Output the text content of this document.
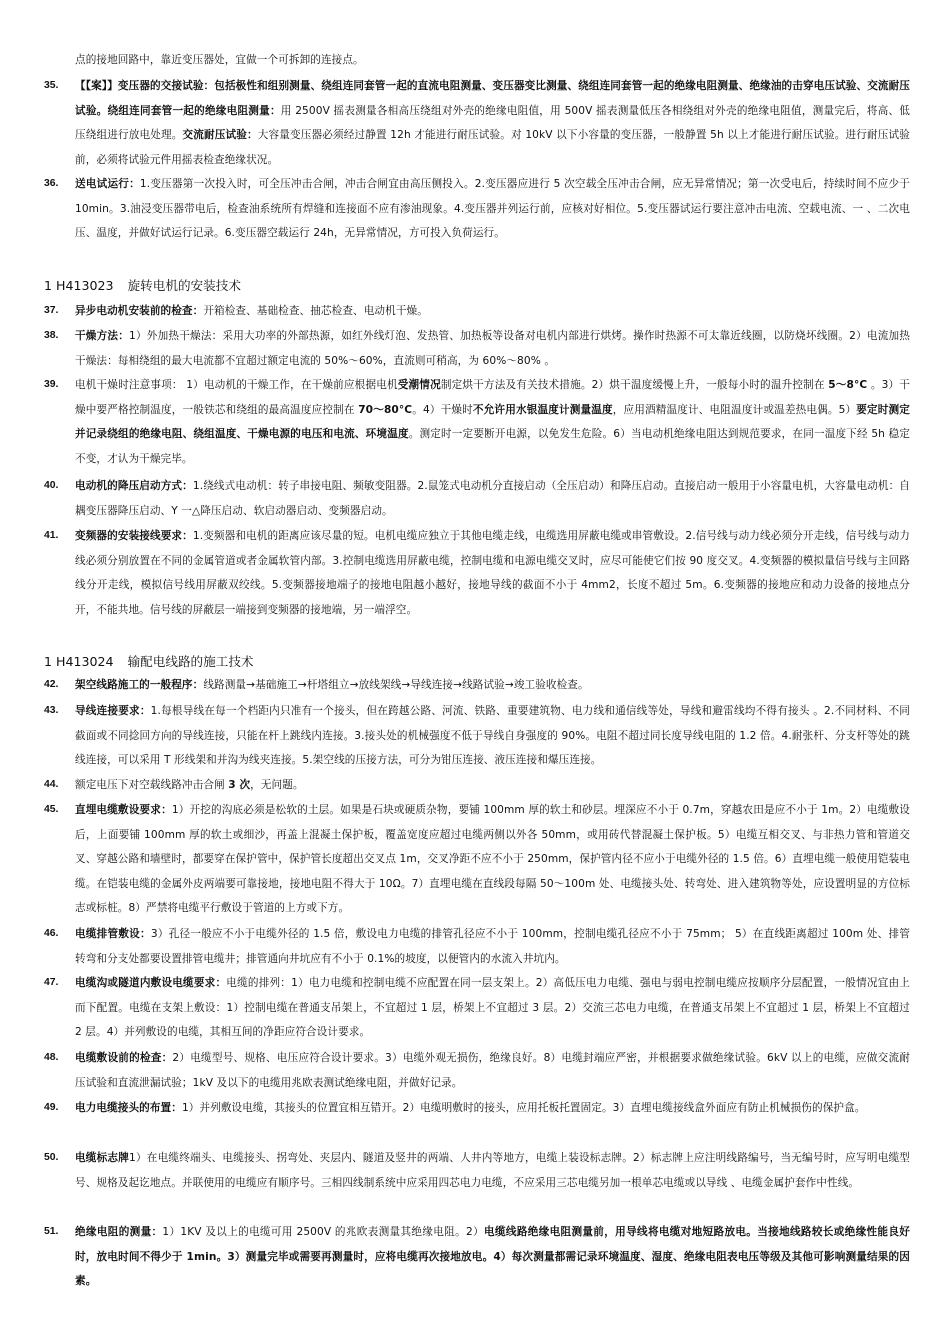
点的接地回路中，靠近变压器处，宜做一个可拆卸的连接点。
35.	【【案】】变压器的交接试验：包括极性和组别测量、绕组连同套管一起的直流电阻测量、变压器变比测量、绕组连同套管一起的绝缘电阻测量、绝缘油的击穿电压试验、交流耐压试验。绕组连同套管一起的绝缘电阻测量：用 2500V 摇表测量各相高压绕组对外壳的绝缘电阻值，用 500V 摇表测量低压各相绕组对外壳的绝缘电阻值，测量完后，将高、低压绕组进行放电处理。交流耐压试验：大容量变压器必须经过静置 12h 才能进行耐压试验。对 10kV 以下小容量的变压器，一般静置 5h 以上才能进行耐压试验。进行耐压试验前，必须将试验元件用摇表检查绝缘状况。
36.	送电试运行：1.变压器第一次投入时，可全压冲击合闸，冲击合闸宜由高压侧投入。2.变压器应进行 5 次空载全压冲击合闸，应无异常情况；第一次受电后，持续时间不应少于 10min。3.油浸变压器带电后，检查油系统所有焊缝和连接面不应有渗油现象。4.变压器并列运行前，应核对好相位。5.变压器试运行要注意冲击电流、空载电流、一 、二次电压、温度，并做好试运行记录。6.变压器空载运行 24h，无异常情况，方可投入负荷运行。
1 H413023 旋转电机的安装技术
37.	异步电动机安装前的检查：开箱检查、基础检查、抽芯检查、电动机干燥。
38.	干燥方法：1）外加热干燥法：采用大功率的外部热源，如红外线灯泡、发热管、加热板等设备对电机内部进行烘烤。操作时热源不可太靠近线圈，以防烧坏线圈。2）电流加热干燥法：每相绕组的最大电流都不宜超过额定电流的 50%～60%，直流则可稍高，为 60%～80% 。
39.	电机干燥时注意事项： 1）电动机的干燥工作，在干燥前应根据电机受潮情况制定烘干方法及有关技术措施。2）烘干温度缓慢上升，一般每小时的温升控制在 5～8°C 。3）干燥中要严格控制温度，一般铁芯和绕组的最高温度应控制在 70～80°C。4）干燥时不允许用水银温度计测量温度，应用酒精温度计、电阻温度计或温差热电偶。5）要定时测定并记录绕组的绝缘电阻、绕组温度、干燥电源的电压和电流、环境温度。测定时一定要断开电源，以免发生危险。6）当电动机绝缘电阻达到规范要求，在同一温度下经 5h 稳定不变，才认为干燥完毕。
40.	电动机的降压启动方式：1.绕线式电动机：转子串接电阻、频敏变阻器。2.鼠笼式电动机分直接启动（全压启动）和降压启动。直接启动一般用于小容量电机，大容量电动机：自耦变压器降压启动、Y 一△降压启动、软启动器启动、变频器启动。
41.	变频器的安装接线要求：1.变频器和电机的距离应该尽量的短。电机电缆应独立于其他电缆走线，电缆选用屏蔽电缆或串管敷设。2.信号线与动力线必须分开走线，信号线与动力线必须分别放置在不同的金属管道或者金属软管内部。3.控制电缆选用屏蔽电缆，控制电缆和电源电缆交叉时，应尽可能使它们按 90 度交叉。4.变频器的模拟量信号线与主回路线分开走线，模拟信号线用屏蔽双绞线。5.变频器接地端子的接地电阻越小越好，接地导线的截面不小于 4mm2，长度不超过 5m。6.变频器的接地应和动力设备的接地点分开，不能共地。信号线的屏蔽层一端接到变频器的接地端，另一端浮空。
1 H413024 输配电线路的施工技术
42.	架空线路施工的一般程序：线路测量→基础施工→杆塔组立→放线架线→导线连接→线路试验→竣工验收检查。
43.	导线连接要求：1.每根导线在每一个档距内只准有一个接头，但在跨越公路、河流、铁路、重要建筑物、电力线和通信线等处，导线和避雷线均不得有接头 。2.不同材料、不同截面或不同捻回方向的导线连接，只能在杆上跳线内连接。3.接头处的机械强度不低于导线自身强度的 90%。电阻不超过同长度导线电阻的 1.2 倍。4.耐张杆、分支杆等处的跳线连接，可以采用 T 形线架和并沟为线夹连接。5.架空线的压接方法，可分为钳压连接、液压连接和爆压连接。
44.	额定电压下对空载线路冲击合闸 3 次，无问题。
45.	直埋电缆敷设要求：1）开挖的沟底必须是松软的土层。如果是石块或硬质杂物，要铺 100mm 厚的软土和砂层。埋深应不小于 0.7m，穿越农田是应不小于 1m。2）电缆敷设后，上面要铺 100mm 厚的软土或细沙，再盖上混凝土保护板，覆盖宽度应超过电缆两侧以外各 50mm，或用砖代替混凝土保护板。5）电缆互相交叉、与非热力管和管道交叉、穿越公路和墙壁时，都要穿在保护管中，保护管长度超出交叉点 1m，交叉净距不应不小于 250mm，保护管内径不应小于电缆外径的 1.5 倍。6）直埋电缆一般使用铠装电缆。在铠装电缆的金属外皮两端要可靠接地，接地电阻不得大于 10Ω。7）直埋电缆在直线段每隔 50～100m 处、电缆接头处、转弯处、进入建筑物等处，应设置明显的方位标志或标桩。8）严禁将电缆平行敷设于管道的上方或下方。
46.	电缆排管敷设：3）孔径一般应不小于电缆外径的 1.5 倍，敷设电力电缆的排管孔径应不小于 100mm，控制电缆孔径应不小于 75mm； 5）在直线距离超过 100m 处、排管转弯和分支处都要设置排管电缆井；排管通向井坑应有不小于 0.1%的坡度，以便管内的水流入井坑内。
47.	电缆沟或隧道内敷设电缆要求：电缆的排列：1）电力电缆和控制电缆不应配置在同一层支架上。2）高低压电力电缆、强电与弱电控制电缆应按顺序分层配置，一般情况宜由上而下配置。电缆在支架上敷设：1）控制电缆在普通支吊架上，不宜超过 1 层，桥架上不宜超过 3 层。2）交流三芯电力电缆，在普通支吊架上不宜超过 1 层，桥架上不宜超过 2 层。4）并列敷设的电缆，其相互间的净距应符合设计要求。
48.	电缆敷设前的检查：2）电缆型号、规格、电压应符合设计要求。3）电缆外观无损伤，绝缘良好。8）电缆封端应严密，并根据要求做绝缘试验。6kV 以上的电缆，应做交流耐压试验和直流泄漏试验；1kV 及以下的电缆用兆欧表测试绝缘电阻，并做好记录。
49.	电力电缆接头的布置：1）并列敷设电缆，其接头的位置宜相互错开。2）电缆明敷时的接头，应用托板托置固定。3）直埋电缆接线盒外面应有防止机械损伤的保护盒。
50.	电缆标志牌1）在电缆终端头、电缆接头、拐弯处、夹层内、隧道及竖井的两端、人井内等地方，电缆上装设标志牌。2）标志牌上应注明线路编号，当无编号时，应写明电缆型号、规格及起讫地点。并联使用的电缆应有顺序号。三相四线制系统中应采用四芯电力电缆，不应采用三芯电缆另加一根单芯电缆或以导线 、电缆金属护套作中性线。
51.	绝缘电阻的测量：1）1KV 及以上的电缆可用 2500V 的兆欧表测量其绝缘电阻。2）电缆线路绝缘电阻测量前，用导线将电缆对地短路放电。当接地线路较长或绝缘性能良好时，放电时间不得少于 1min。3）测量完毕或需要再测量时，应将电缆再次接地放电。4）每次测量都需记录环境温度、湿度、绝缘电阻表电压等级及其他可影响测量结果的因素。
